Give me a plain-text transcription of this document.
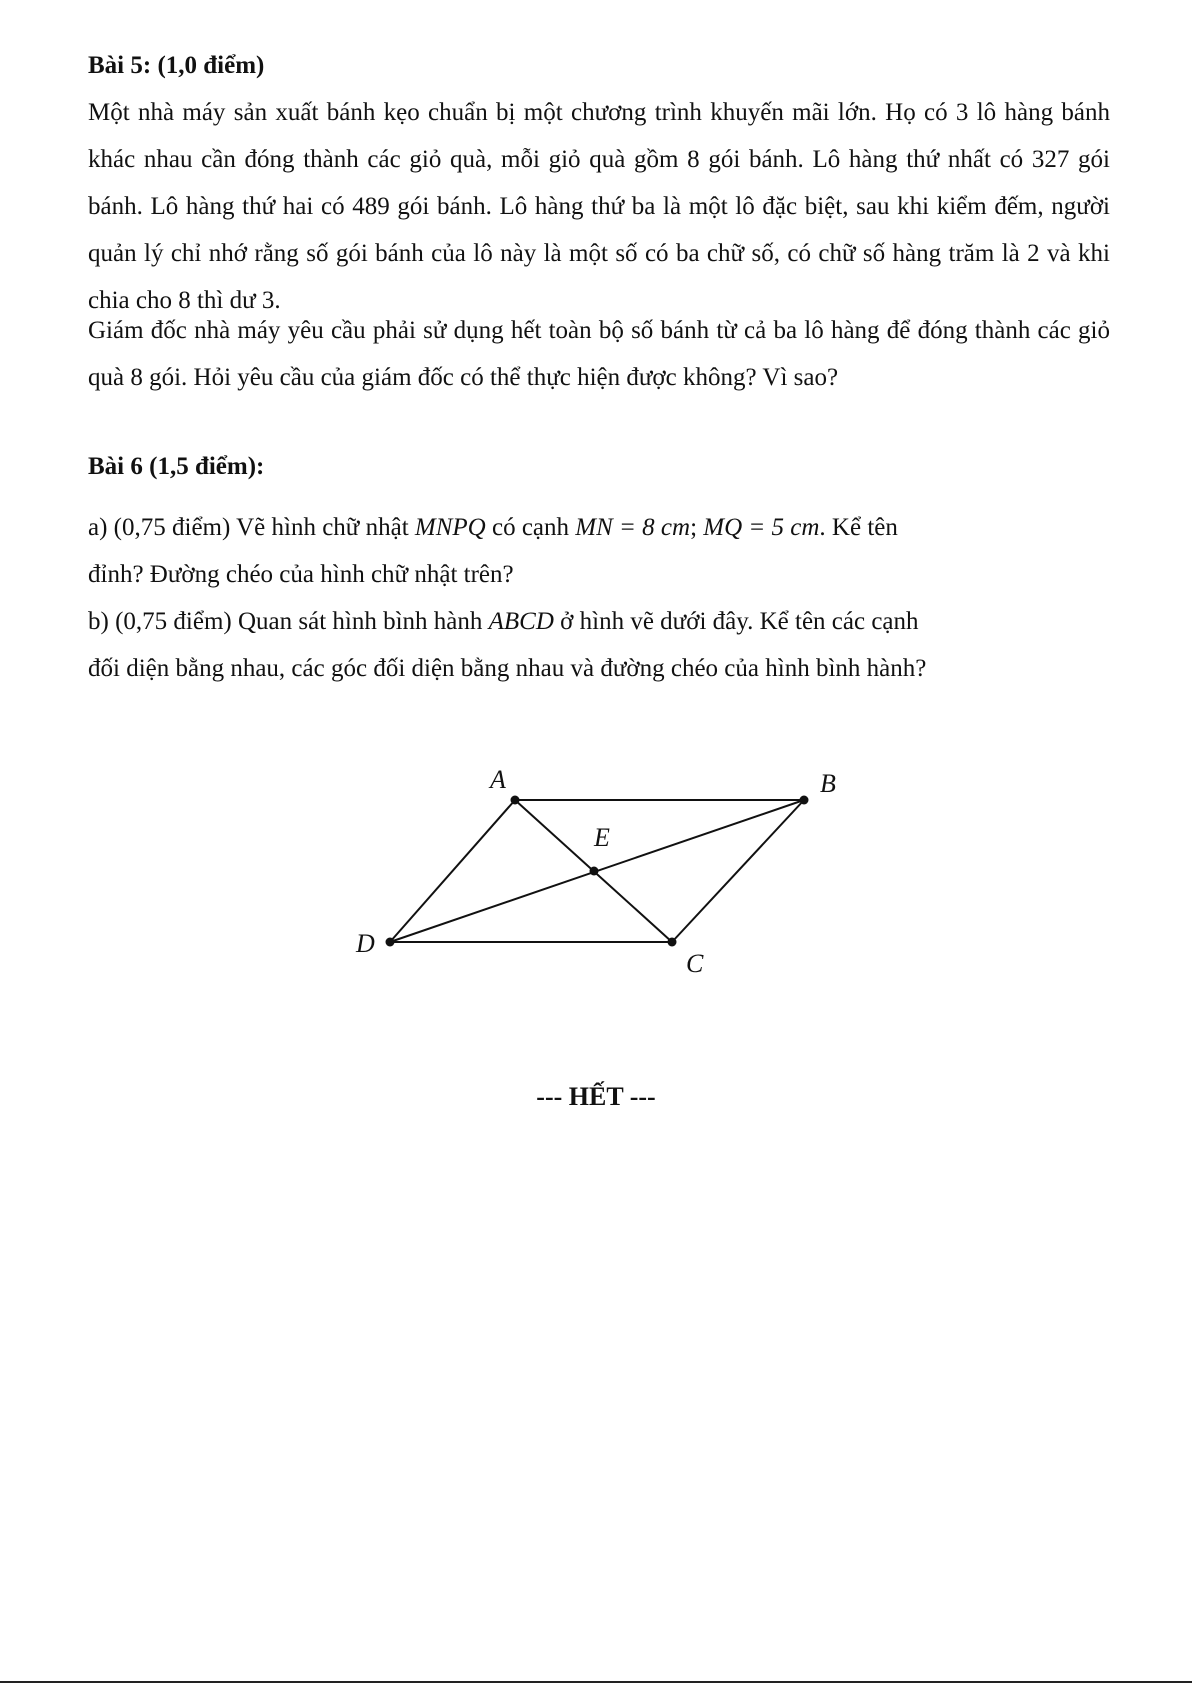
Bài 5: (1,0 điểm)
Một nhà máy sản xuất bánh kẹo chuẩn bị một chương trình khuyến mãi lớn. Họ có 3 lô hàng bánh khác nhau cần đóng thành các giỏ quà, mỗi giỏ quà gồm 8 gói bánh. Lô hàng thứ nhất có 327 gói bánh. Lô hàng thứ hai có 489 gói bánh. Lô hàng thứ ba là một lô đặc biệt, sau khi kiểm đếm, người quản lý chỉ nhớ rằng số gói bánh của lô này là một số có ba chữ số, có chữ số hàng trăm là 2 và khi chia cho 8 thì dư 3.
Giám đốc nhà máy yêu cầu phải sử dụng hết toàn bộ số bánh từ cả ba lô hàng để đóng thành các giỏ quà 8 gói. Hỏi yêu cầu của giám đốc có thể thực hiện được không? Vì sao?
Bài 6 (1,5 điểm):
a) (0,75 điểm) Vẽ hình chữ nhật MNPQ có cạnh MN = 8 cm; MQ = 5 cm. Kể tên
đỉnh? Đường chéo của hình chữ nhật trên?
b) (0,75 điểm) Quan sát hình bình hành ABCD ở hình vẽ dưới đây. Kể tên các cạnh
đối diện bằng nhau, các góc đối diện bằng nhau và đường chéo của hình bình hành?
A	B
C
D
E
--- HẾT ---
